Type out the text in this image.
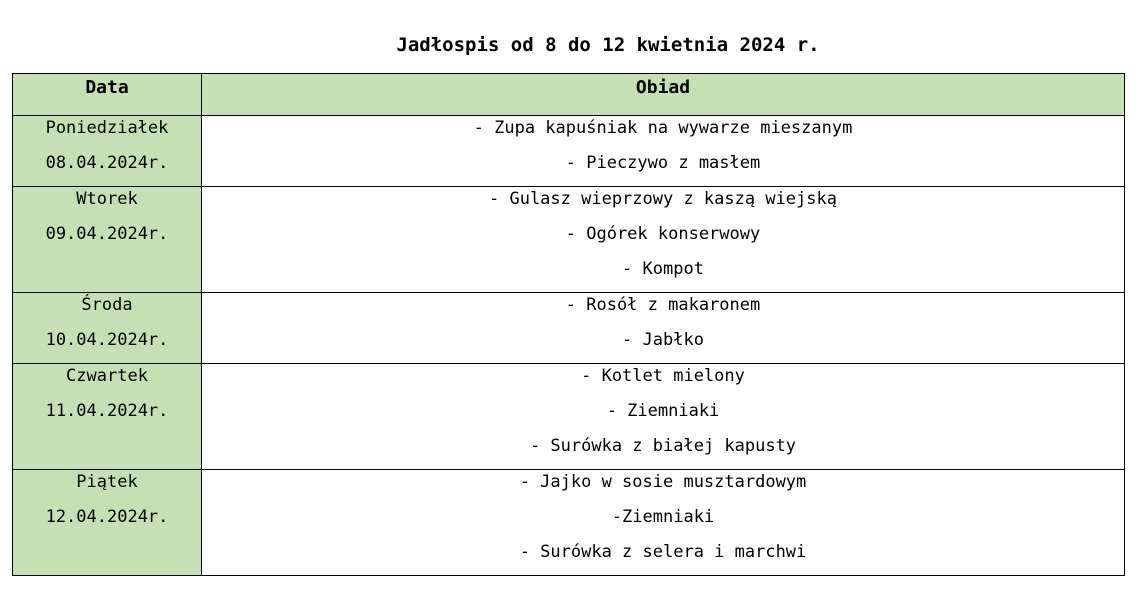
Jadłospis od 8 do 12 kwietnia 2024 r.
Data	Obiad

Poniedziałek
08.04.2024r.	- Zupa kapuśniak na wywarze mieszanym
- Pieczywo z masłem

Wtorek
09.04.2024r.	- Gulasz wieprzowy z kaszą wiejską
- Ogórek konserwowy
- Kompot

Środa
10.04.2024r.	- Rosół z makaronem
- Jabłko

Czwartek
11.04.2024r.	- Kotlet mielony
- Ziemniaki
- Surówka z białej kapusty

Piątek
12.04.2024r.	- Jajko w sosie musztardowym
-Ziemniaki
- Surówka z selera i marchwi
